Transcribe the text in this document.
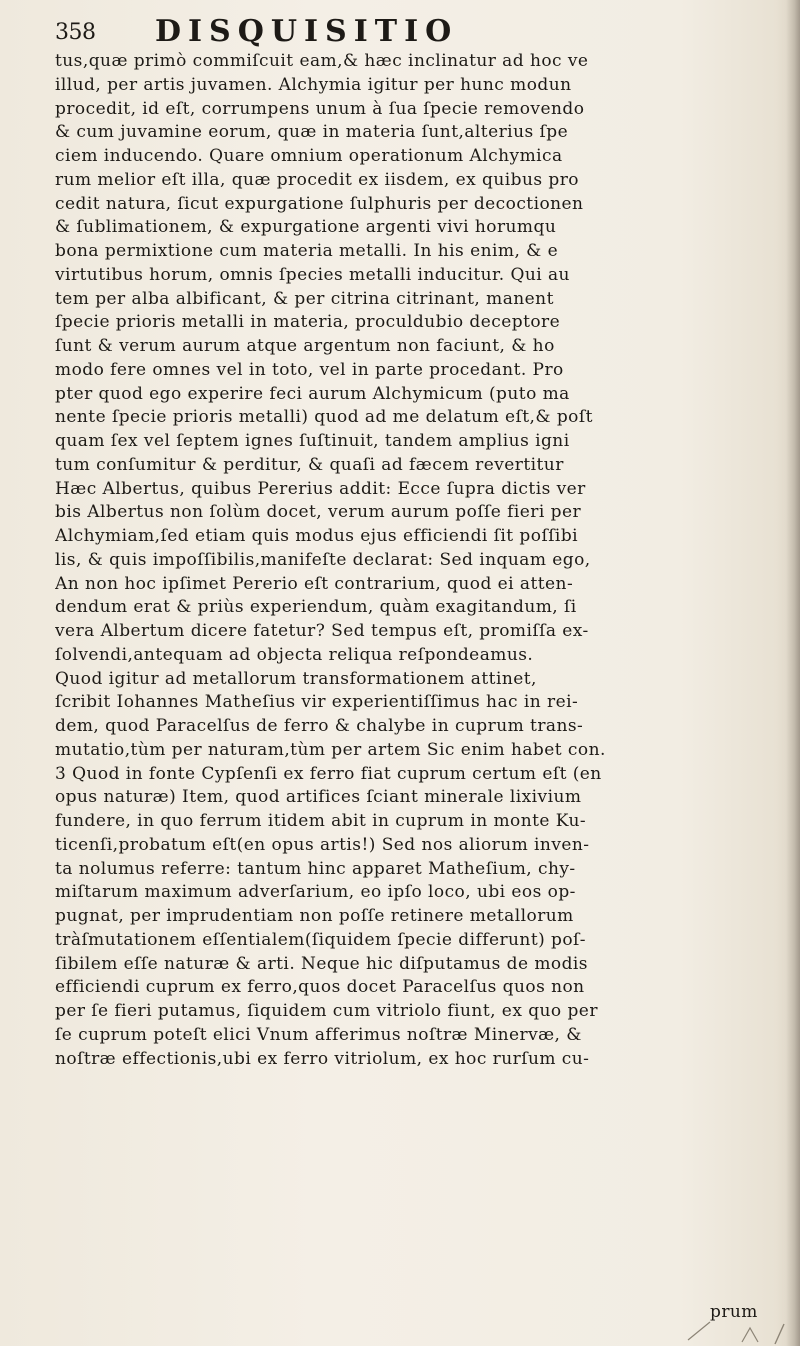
358 DISQUISITIO
tus,quæ primò commiſcuit eam,& hæc inclinatur ad hoc ve
illud, per artis juvamen. Alchymia igitur per hunc modun
procedit, id eſt, corrumpens unum à ſua ſpecie removendo
& cum juvamine eorum, quæ in materia ſunt,alterius ſpe
ciem inducendo. Quare omnium operationum Alchymica
rum melior eſt illa, quæ procedit ex iisdem, ex quibus pro
cedit natura, ſicut expurgatione ſulphuris per decoctionen
& ſublimationem, & expurgatione argenti vivi horumqu
bona permixtione cum materia metalli. In his enim, & e
virtutibus horum, omnis ſpecies metalli inducitur. Qui au
tem per alba albificant, & per citrina citrinant, manent
ſpecie prioris metalli in materia, proculdubio deceptore
ſunt & verum aurum atque argentum non faciunt, & ho
modo fere omnes vel in toto, vel in parte procedant. Pro
pter quod ego experire feci aurum Alchymicum (puto ma
nente ſpecie prioris metalli) quod ad me delatum eſt,& poſt
quam ſex vel ſeptem ignes ſuſtinuit, tandem amplius igni
tum conſumitur & perditur, & quaſi ad fæcem revertitur
Hæc Albertus, quibus Pererius addit: Ecce ſupra dictis ver
bis Albertus non ſolùm docet, verum aurum poſſe fieri per
Alchymiam,ſed etiam quis modus ejus efficiendi ſit poſſibi
lis, & quis impoſſibilis,manifeſte declarat: Sed inquam ego,
An non hoc ipſimet Pererio eſt contrarium, quod ei atten-
dendum erat & priùs experiendum, quàm exagitandum, ſi
vera Albertum dicere fatetur? Sed tempus eſt, promiſſa ex-
ſolvendi,antequam ad objecta reliqua reſpondeamus.
Quod igitur ad metallorum transformationem attinet,
ſcribit Iohannes Matheſius vir experientiſſimus hac in rei-
dem, quod Paracelſus de ferro & chalybe in cuprum trans-
mutatio,tùm per naturam,tùm per artem Sic enim habet con.
3 Quod in fonte Cypſenſi ex ferro fiat cuprum certum eſt (en
opus naturæ) Item, quod artifices ſciant minerale lixivium
fundere, in quo ferrum itidem abit in cuprum in monte Ku-
ticenſi,probatum eſt(en opus artis!) Sed nos aliorum inven-
ta nolumus referre: tantum hinc apparet Matheſium, chy-
miſtarum maximum adverſarium, eo ipſo loco, ubi eos op-
pugnat, per imprudentiam non poſſe retinere metallorum
tràſmutationem eſſentialem(ſiquidem ſpecie differunt) poſ-
ſibilem eſſe naturæ & arti. Neque hic diſputamus de modis
efficiendi cuprum ex ferro,quos docet Paracelſus quos non
per ſe fieri putamus, ſiquidem cum vitriolo fiunt, ex quo per
ſe cuprum poteſt elici Vnum afferimus noſtræ Minervæ, &
noſtræ effectionis,ubi ex ferro vitriolum, ex hoc rurſum cu-
prum
